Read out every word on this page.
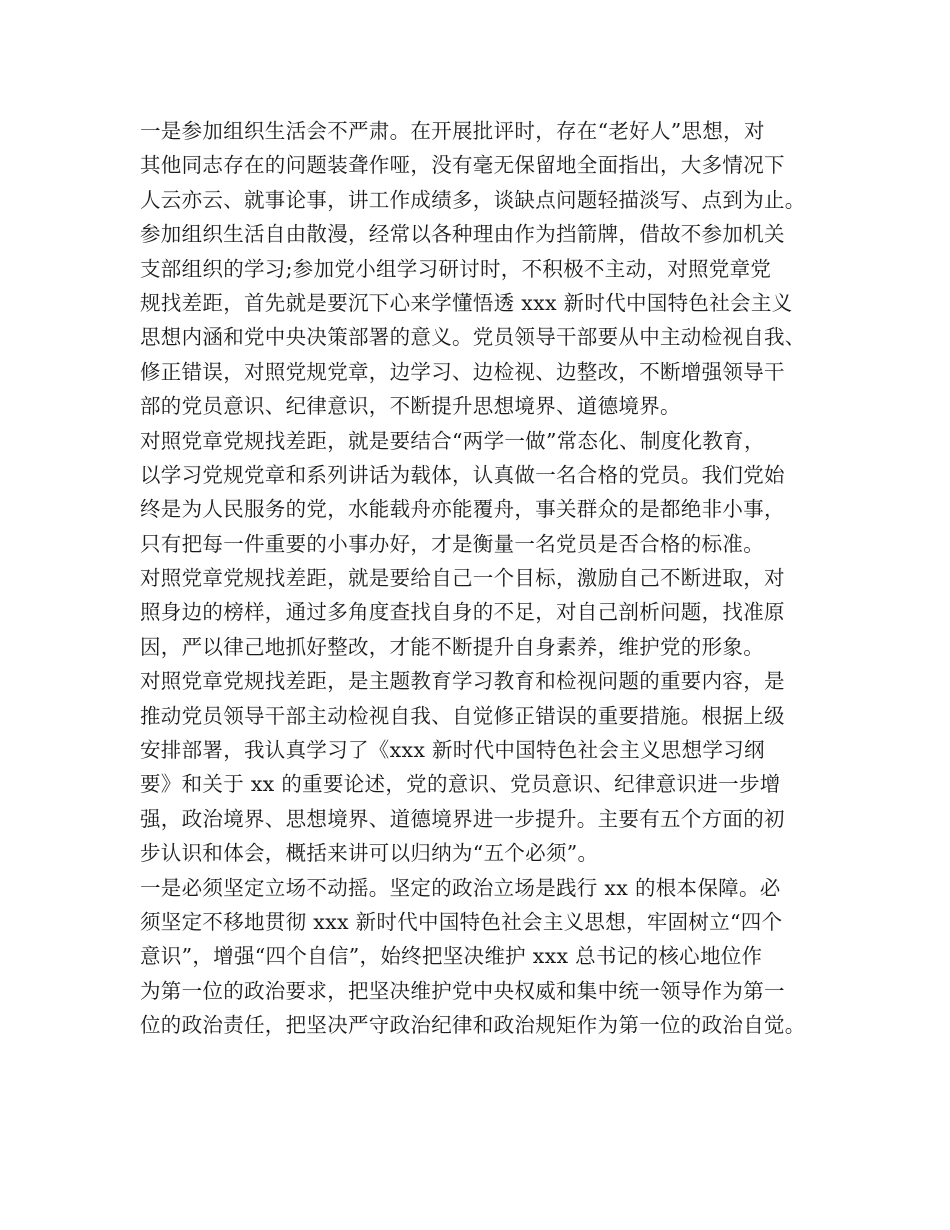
一是参加组织生活会不严肃。在开展批评时，存在“老好人”思想，对
其他同志存在的问题装聋作哑，没有毫无保留地全面指出，大多情况下
人云亦云、就事论事，讲工作成绩多，谈缺点问题轻描淡写、点到为止。
参加组织生活自由散漫，经常以各种理由作为挡箭牌，借故不参加机关
支部组织的学习;参加党小组学习研讨时，不积极不主动，对照党章党
规找差距，首先就是要沉下心来学懂悟透 xxx 新时代中国特色社会主义
思想内涵和党中央决策部署的意义。党员领导干部要从中主动检视自我、
修正错误，对照党规党章，边学习、边检视、边整改，不断增强领导干
部的党员意识、纪律意识，不断提升思想境界、道德境界。
对照党章党规找差距，就是要结合“两学一做”常态化、制度化教育，
以学习党规党章和系列讲话为载体，认真做一名合格的党员。我们党始
终是为人民服务的党，水能载舟亦能覆舟，事关群众的是都绝非小事，
只有把每一件重要的小事办好，才是衡量一名党员是否合格的标准。
对照党章党规找差距，就是要给自己一个目标，激励自己不断进取，对
照身边的榜样，通过多角度查找自身的不足，对自己剖析问题，找准原
因，严以律己地抓好整改，才能不断提升自身素养，维护党的形象。
对照党章党规找差距，是主题教育学习教育和检视问题的重要内容，是
推动党员领导干部主动检视自我、自觉修正错误的重要措施。根据上级
安排部署，我认真学习了《xxx 新时代中国特色社会主义思想学习纲
要》和关于 xx 的重要论述，党的意识、党员意识、纪律意识进一步增
强，政治境界、思想境界、道德境界进一步提升。主要有五个方面的初
步认识和体会，概括来讲可以归纳为“五个必须”。
一是必须坚定立场不动摇。坚定的政治立场是践行 xx 的根本保障。必
须坚定不移地贯彻 xxx 新时代中国特色社会主义思想，牢固树立“四个
意识”，增强“四个自信”，始终把坚决维护 xxx 总书记的核心地位作
为第一位的政治要求，把坚决维护党中央权威和集中统一领导作为第一
位的政治责任，把坚决严守政治纪律和政治规矩作为第一位的政治自觉。
